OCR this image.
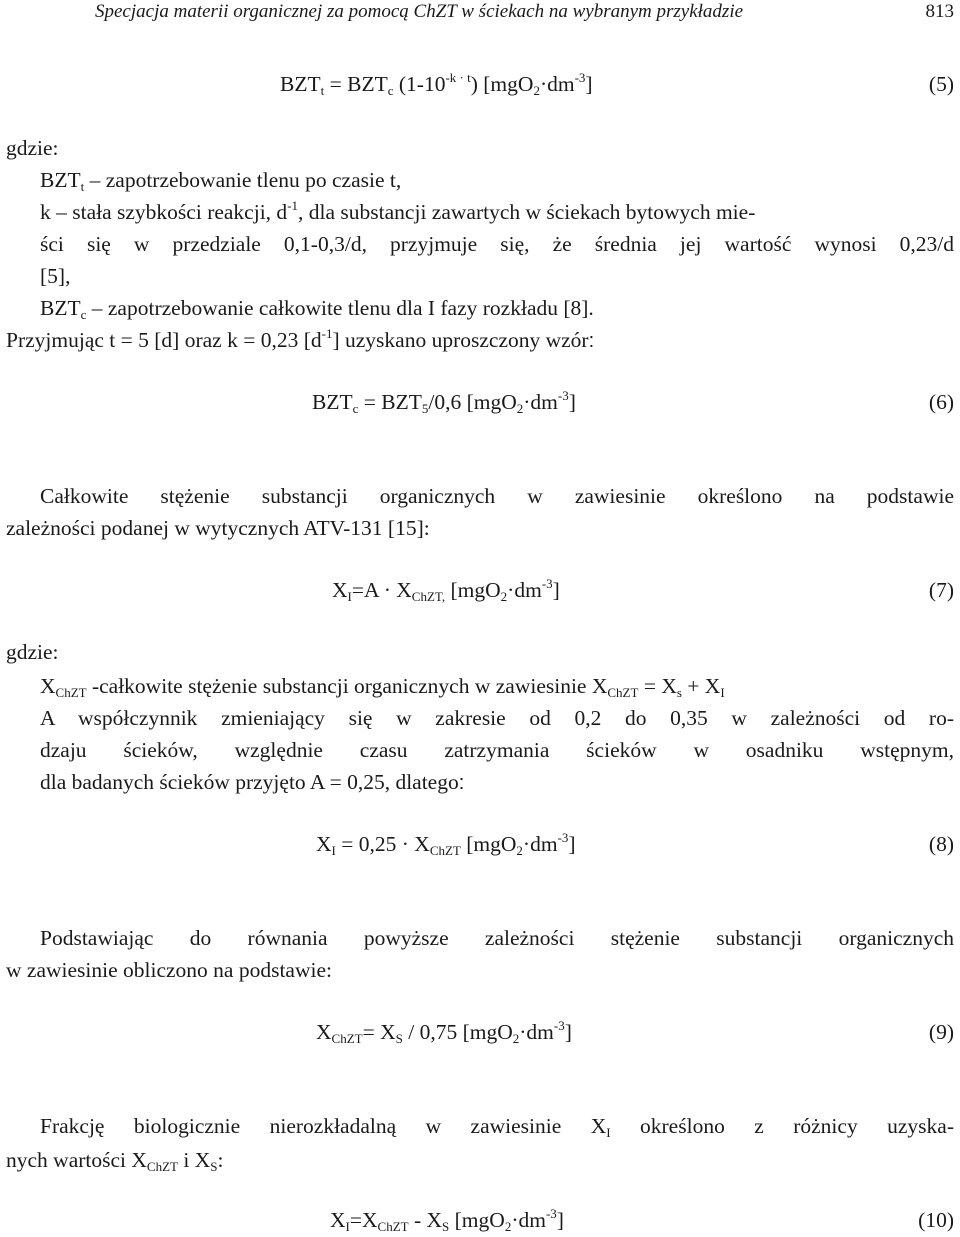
Specjacja materii organicznej za pomocą ChZT w ściekach na wybranym przykładzie	813
$BZT_t = BZT_c$ $(1-10^{-k \cdot t})$ $[mgO_2\cdot dm^{-3}]$	(5)
gdzie:
$BZT_t$ – zapotrzebowanie tlenu po czasie t,
k – stała szybkości reakcji, $d^{-1}$, dla substancji zawartych w ściekach bytowych mie-
ści się w przedziale 0,1-0,3/d, przyjmuje się, że średnia jej wartość wynosi 0,23/d
[5],
$BZT_c$ – zapotrzebowanie całkowite tlenu dla I fazy rozkładu [8].
Przyjmując t = 5 [d] oraz k = 0,23 $[d^{-1}]$ uzyskano uproszczony wzór:
$BZT_c = BZT_5/0,6$ $[mgO_2\cdot dm^{-3}]$	(6)
Całkowite stężenie substancji organicznych w zawiesinie określono na podstawie
zależności podanej w wytycznych ATV-131 [15]:
$X_I=A \cdot X_{ChZT,}$ $[mgO_2\cdot dm^{-3}]$	(7)
gdzie:
$X_{ChZT}$ -całkowite stężenie substancji organicznych w zawiesinie $X_{ChZT} = X_s + X_I$
A współczynnik zmieniający się w zakresie od 0,2 do 0,35 w zależności od ro-
dzaju ścieków, względnie czasu zatrzymania ścieków w osadniku wstępnym,
dla badanych ścieków przyjęto A = 0,25, dlatego:
$X_I = 0,25 \cdot X_{ChZT}$ $[mgO_2\cdot dm^{-3}]$	(8)
Podstawiając do równania powyższe zależności stężenie substancji organicznych
w zawiesinie obliczono na podstawie:
$X_{ChZT}= X_S / 0,75$ $[mgO_2\cdot dm^{-3}]$	(9)
Frakcję biologicznie nierozkładalną w zawiesinie $X_I$ określono z różnicy uzyska-
nych wartości $X_{ChZT}$ i $X_S$:
$X_I=X_{ChZT} - X_S$ $[mgO_2\cdot dm^{-3}]$	(10)
